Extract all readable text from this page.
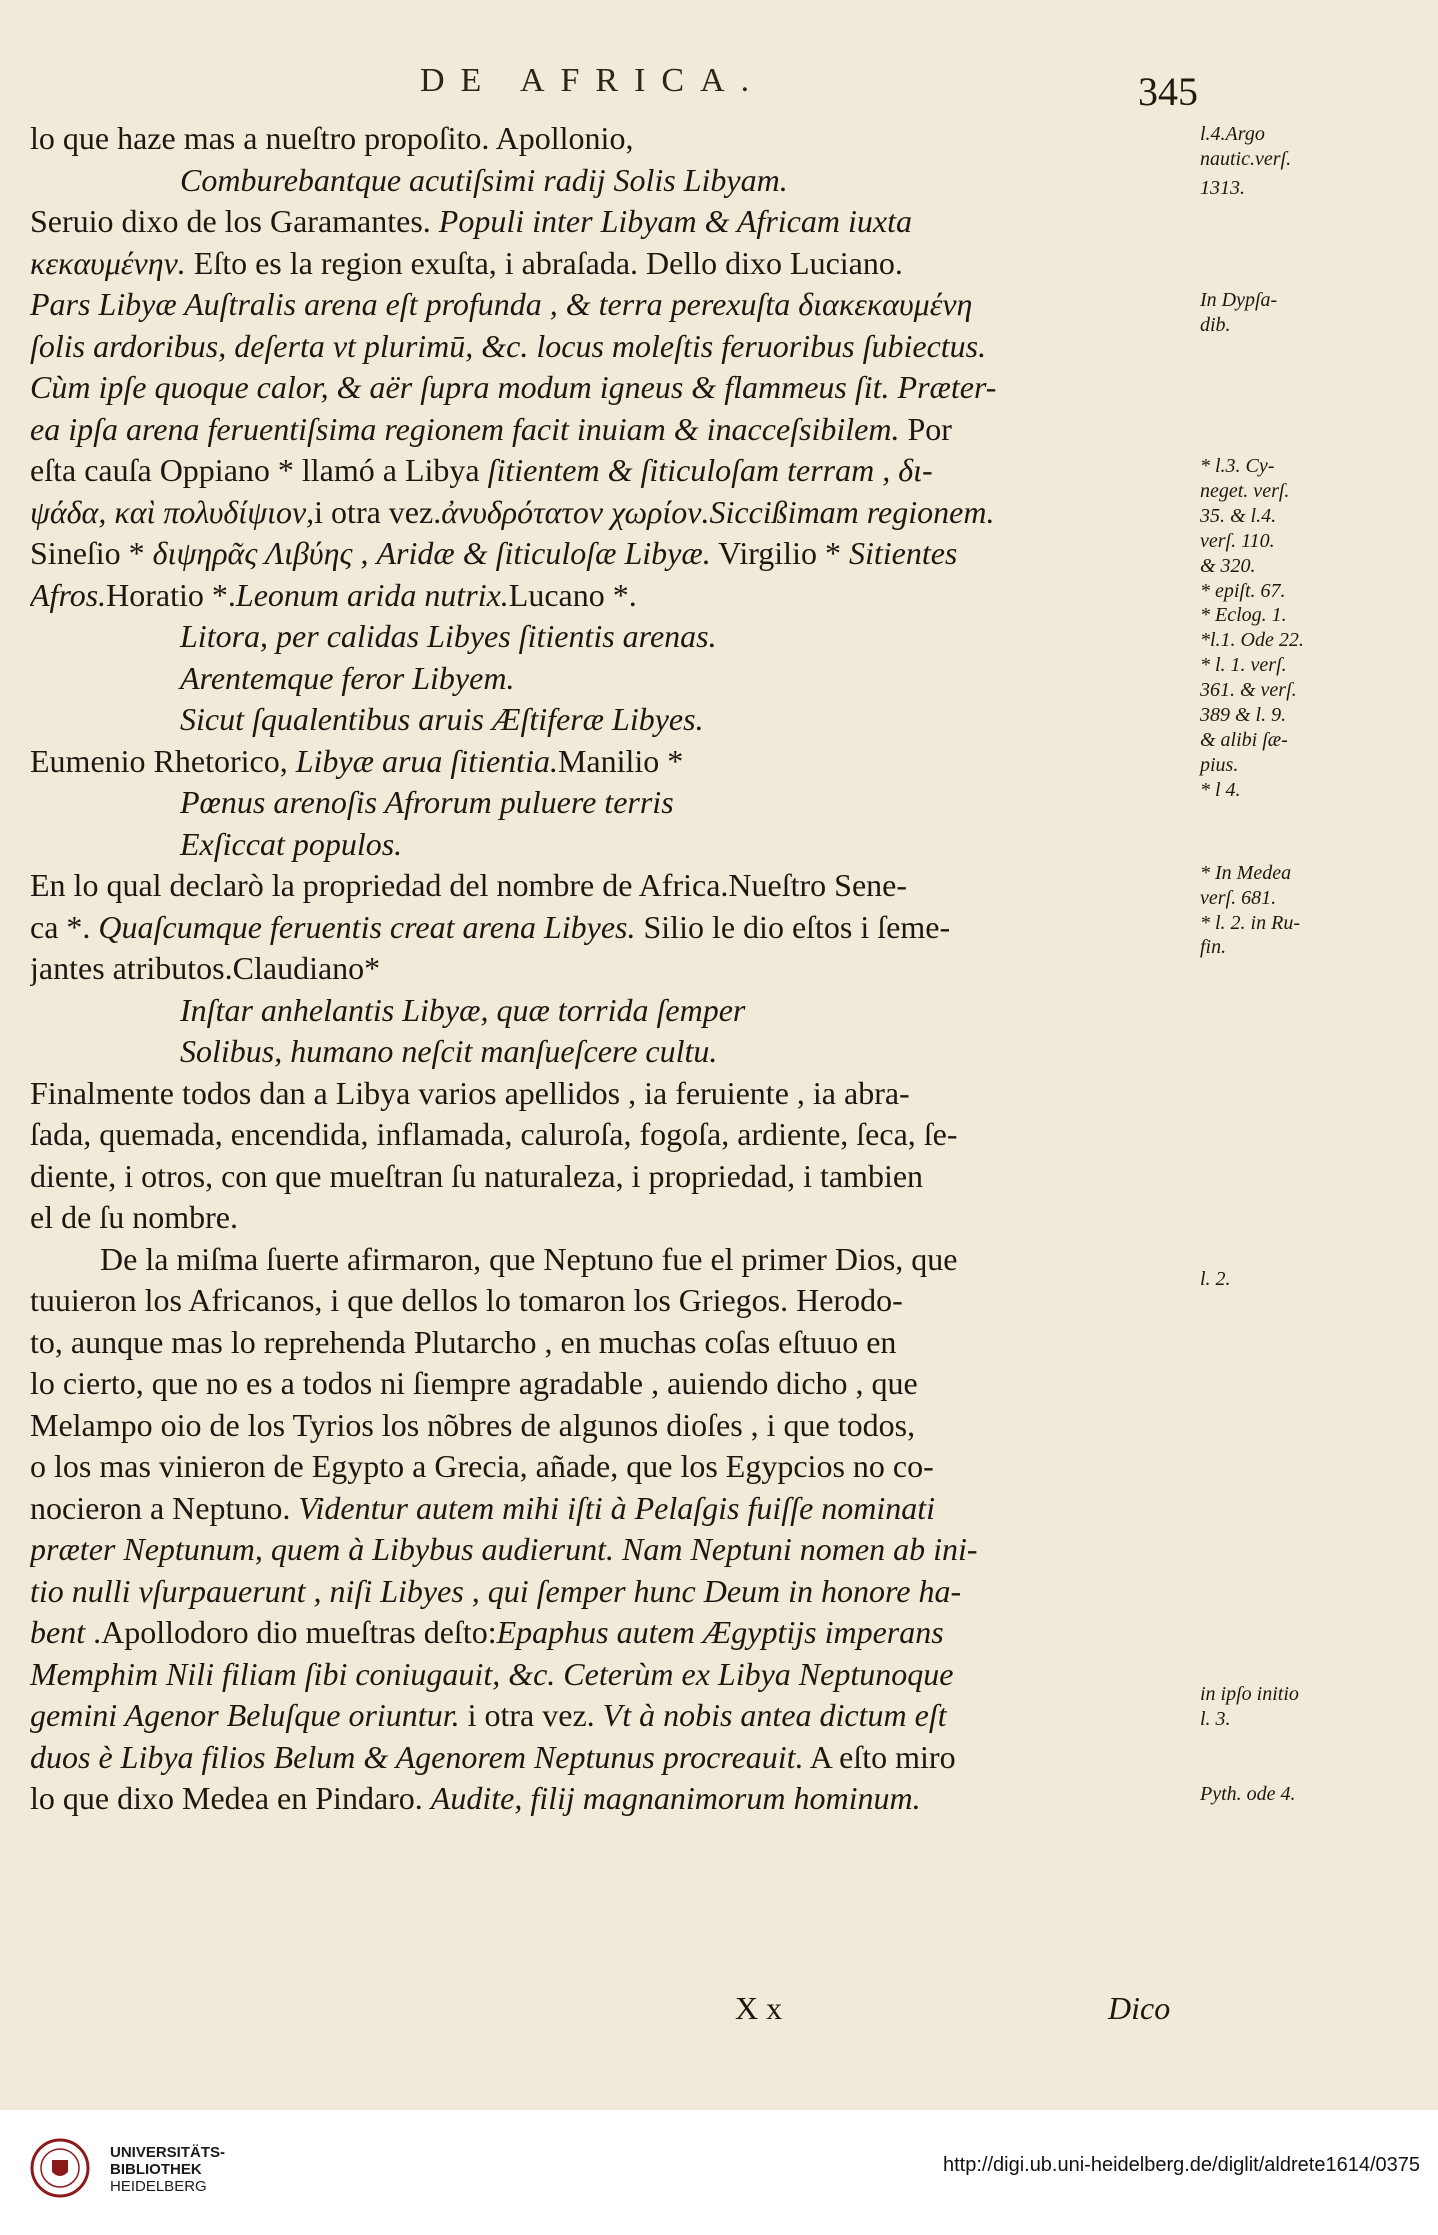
DE AFRICA.	345
lo que haze mas a nueſtro propoſito. Apollonio,
Comburebantque acutiſsimi radij Solis Libyam.
Seruio dixo de los Garamantes. Populi inter Libyam & Africam iuxta
κεκαυμένην. Eſto es la region exuſta, i abraſada. Dello dixo Luciano.
Pars Libyæ Auſtralis arena eſt profunda , & terra perexuſta διακεκαυμένη
ſolis ardoribus, deſerta vt plurimū, &c. locus moleſtis feruoribus ſubiectus.
Cùm ipſe quoque calor, & aër ſupra modum igneus & flammeus ſit. Præter-
ea ipſa arena feruentiſsima regionem facit inuiam & inacceſsibilem. Por
eſta cauſa Oppiano * llamó a Libya ſitientem & ſiticuloſam terram , δι-
ψάδα, καὶ πολυδίψιον,i otra vez.ἀνυδρότατον χωρίον.Siccißimam regionem.
Sineſio * διψηρᾶς Λιβύης , Aridæ & ſiticuloſæ Libyæ. Virgilio * Sitientes
Afros.Horatio *.Leonum arida nutrix.Lucano *.
Litora, per calidas Libyes ſitientis arenas.
Arentemque feror Libyem.
Sicut ſqualentibus aruis Æſtiferæ Libyes.
Eumenio Rhetorico, Libyæ arua ſitientia.Manilio *
Pœnus arenoſis Afrorum puluere terris
Exſiccat populos.
En lo qual declarò la propriedad del nombre de Africa.Nueſtro Sene-
ca *. Quaſcumque feruentis creat arena Libyes. Silio le dio eſtos i ſeme-
jantes atributos.Claudiano*
Inſtar anhelantis Libyæ, quæ torrida ſemper
Solibus, humano neſcit manſueſcere cultu.
Finalmente todos dan a Libya varios apellidos , ia feruiente , ia abra-
ſada, quemada, encendida, inflamada, caluroſa, fogoſa, ardiente, ſeca, ſe-
diente, i otros, con que mueſtran ſu naturaleza, i propriedad, i tambien
el de ſu nombre.
De la miſma ſuerte afirmaron, que Neptuno fue el primer Dios, que
tuuieron los Africanos, i que dellos lo tomaron los Griegos. Herodo-
to, aunque mas lo reprehenda Plutarcho , en muchas coſas eſtuuo en
lo cierto, que no es a todos ni ſiempre agradable , auiendo dicho , que
Melampo oio de los Tyrios los nõbres de algunos dioſes , i que todos,
o los mas vinieron de Egypto a Grecia, añade, que los Egypcios no co-
nocieron a Neptuno. Videntur autem mihi iſti à Pelaſgis fuiſſe nominati
præter Neptunum, quem à Libybus audierunt. Nam Neptuni nomen ab ini-
tio nulli vſurpauerunt , niſi Libyes , qui ſemper hunc Deum in honore ha-
bent .Apollodoro dio mueſtras deſto:Epaphus autem Ægyptijs imperans
Memphim Nili filiam ſibi coniugauit, &c. Ceterùm ex Libya Neptunoque
gemini Agenor Beluſque oriuntur. i otra vez. Vt à nobis antea dictum eſt
duos è Libya filios Belum & Agenorem Neptunus procreauit. A eſto miro
lo que dixo Medea en Pindaro. Audite, filij magnanimorum hominum.
l.4.Argo
nautic.verſ.
1313.
In Dypſa-
dib.
* l.3. Cy-
neget. verſ.
35. & l.4.
verſ. 110.
& 320.
* epiſt. 67.
* Eclog. 1.
*l.1. Ode 22.
* l. 1. verſ.
361. & verſ.
389 & l. 9.
& alibi ſæ-
pius.
* l 4.
* In Medea
verſ. 681.
* l. 2. in Ru-
fin.
l. 2.
in ipſo initio
l. 3.
Pyth. ode 4.
X x	Dico
UNIVERSITÄTS-
BIBLIOTHEK
HEIDELBERG
http://digi.ub.uni-heidelberg.de/diglit/aldrete1614/0375
